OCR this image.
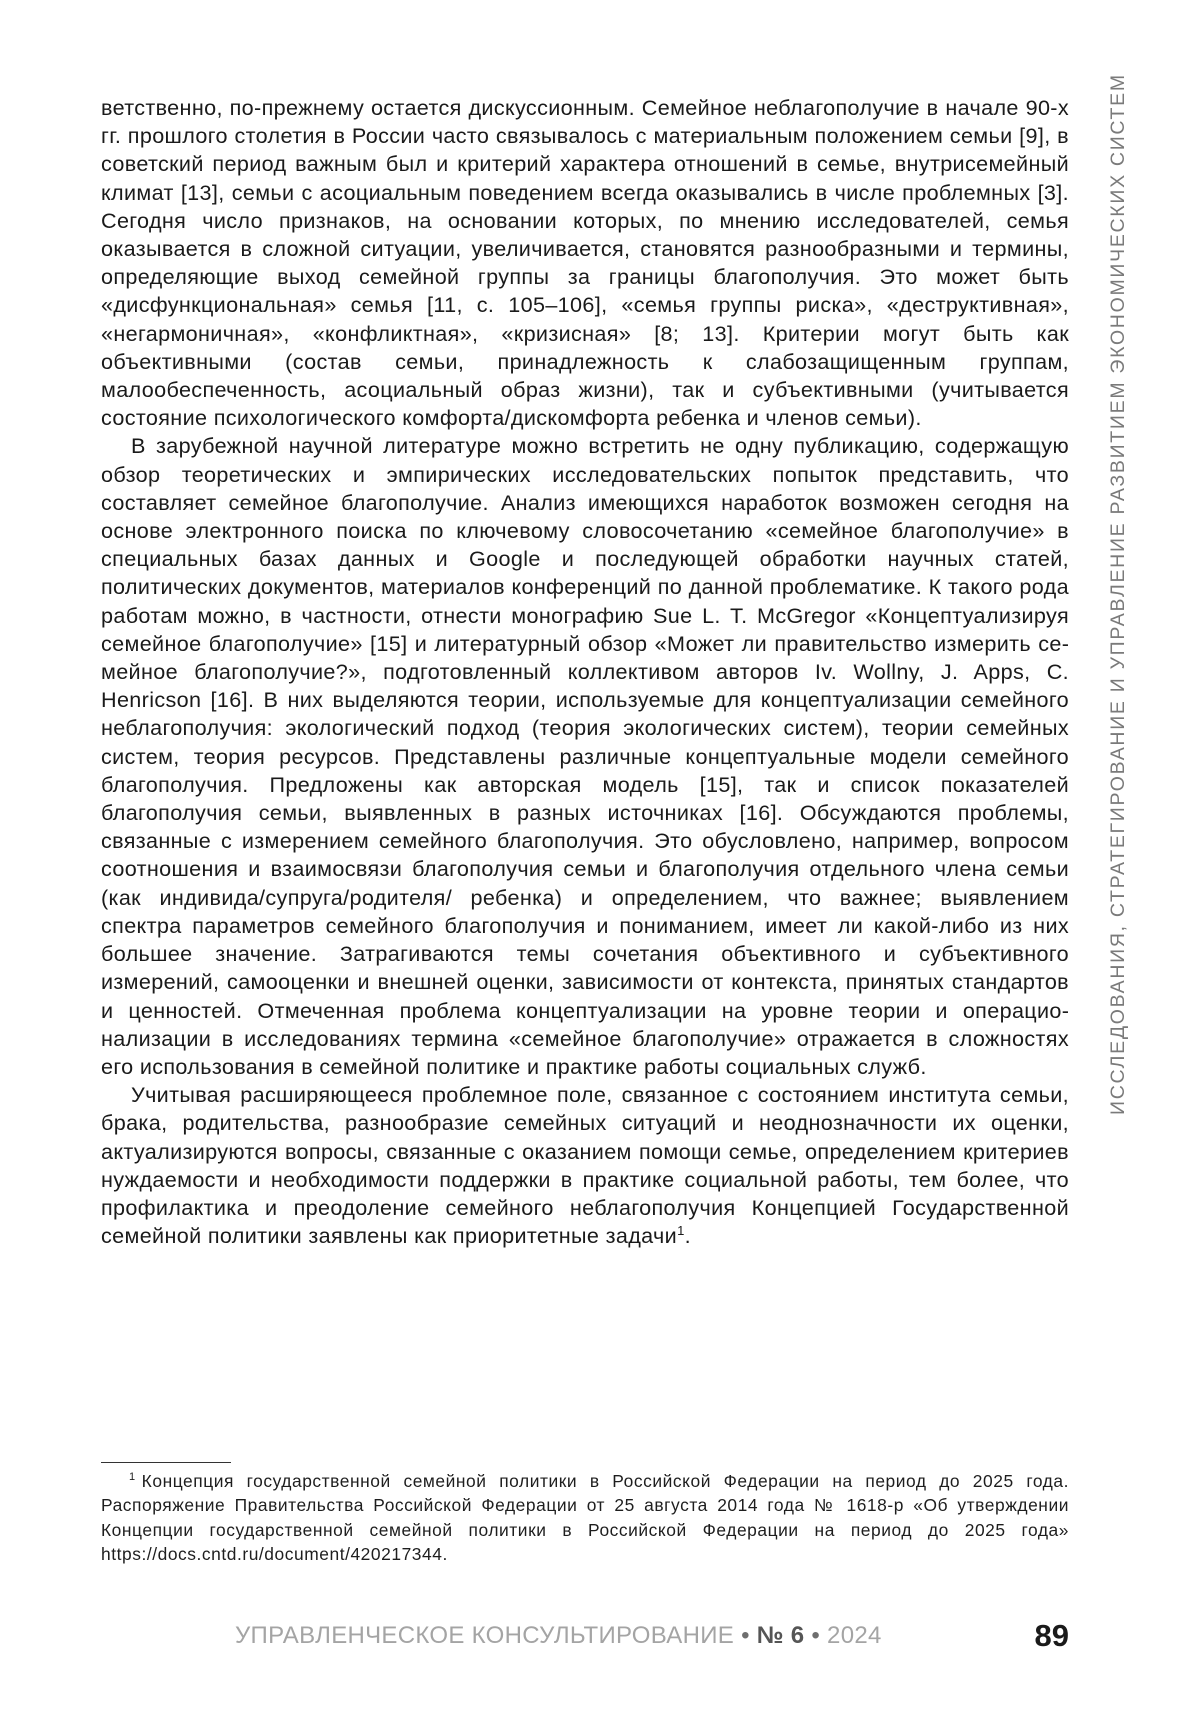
ветственно, по-прежнему остается дискуссионным. Семейное неблагополучие в начале 90-х гг. прошлого столетия в России часто связывалось с материальным положением семьи [9], в советский период важным был и критерий характера отношений в семье, внутрисемейный климат [13], семьи с асоциальным поведением всегда оказывались в числе проблемных [3]. Сегодня число признаков, на основании которых, по мнению исследователей, семья оказывается в сложной ситуации, увеличивается, становятся разнообразными и термины, определяющие выход семейной группы за границы благополучия. Это может быть «дисфункциональная» семья [11, с. 105–106], «семья группы риска», «деструктивная», «негармоничная», «конфликтная», «кризисная» [8; 13]. Критерии могут быть как объективными (состав семьи, принадлежность к слабозащищенным группам, малообеспеченность, асоциальный образ жизни), так и субъективными (учитывается состояние психологического комфорта/дискомфорта ребенка и членов семьи).

В зарубежной научной литературе можно встретить не одну публикацию, содержащую обзор теоретических и эмпирических исследовательских попыток представить, что составляет семейное благополучие. Анализ имеющихся наработок возможен сегодня на основе электронного поиска по ключевому словосочетанию «семейное благополучие» в специальных базах данных и Google и последующей обработки научных статей, политических документов, материалов конференций по данной проблематике. К такого рода работам можно, в частности, отнести монографию Sue L. T. McGregor «Концептуализируя семейное благополучие» [15] и литературный обзор «Может ли правительство измерить семейное благополучие?», подготовленный коллективом авторов Iv. Wollny, J. Apps, C. Henricson [16]. В них выделяются теории, используемые для концептуализации семейного неблагополучия: экологический подход (теория экологических систем), теории семейных систем, теория ресурсов. Представлены различные концептуальные модели семейного благополучия. Предложены как авторская модель [15], так и список показателей благополучия семьи, выявленных в разных источниках [16]. Обсуждаются проблемы, связанные с измерением семейного благополучия. Это обусловлено, например, вопросом соотношения и взаимосвязи благополучия семьи и благополучия отдельного члена семьи (как индивида/супруга/родителя/ ребенка) и определением, что важнее; выявлением спектра параметров семейного благополучия и пониманием, имеет ли какой-либо из них большее значение. Затрагиваются темы сочетания объективного и субъективного измерений, самооценки и внешней оценки, зависимости от контекста, принятых стандартов и ценностей. Отмеченная проблема концептуализации на уровне теории и операционализации в исследованиях термина «семейное благополучие» отражается в сложностях его использования в семейной политике и практике работы социальных служб.

Учитывая расширяющееся проблемное поле, связанное с состоянием института семьи, брака, родительства, разнообразие семейных ситуаций и неоднозначности их оценки, актуализируются вопросы, связанные с оказанием помощи семье, определением критериев нуждаемости и необходимости поддержки в практике социальной работы, тем более, что профилактика и преодоление семейного неблагополучия Концепцией Государственной семейной политики заявлены как приоритетные задачи$^1$.

ИССЛЕДОВАНИЯ, СТРАТЕГИРОВАНИЕ И УПРАВЛЕНИЕ РАЗВИТИЕМ ЭКОНОМИЧЕСКИХ СИСТЕМ

$^1$ Концепция государственной семейной политики в Российской Федерации на период до 2025 года. Распоряжение Правительства Российской Федерации от 25 августа 2014 года № 1618-р «Об утверждении Концепции государственной семейной политики в Российской Федерации на период до 2025 года» https://docs.cntd.ru/document/420217344.

УПРАВЛЕНЧЕСКОЕ КОНСУЛЬТИРОВАНИЕ • № 6 • 2024	89
